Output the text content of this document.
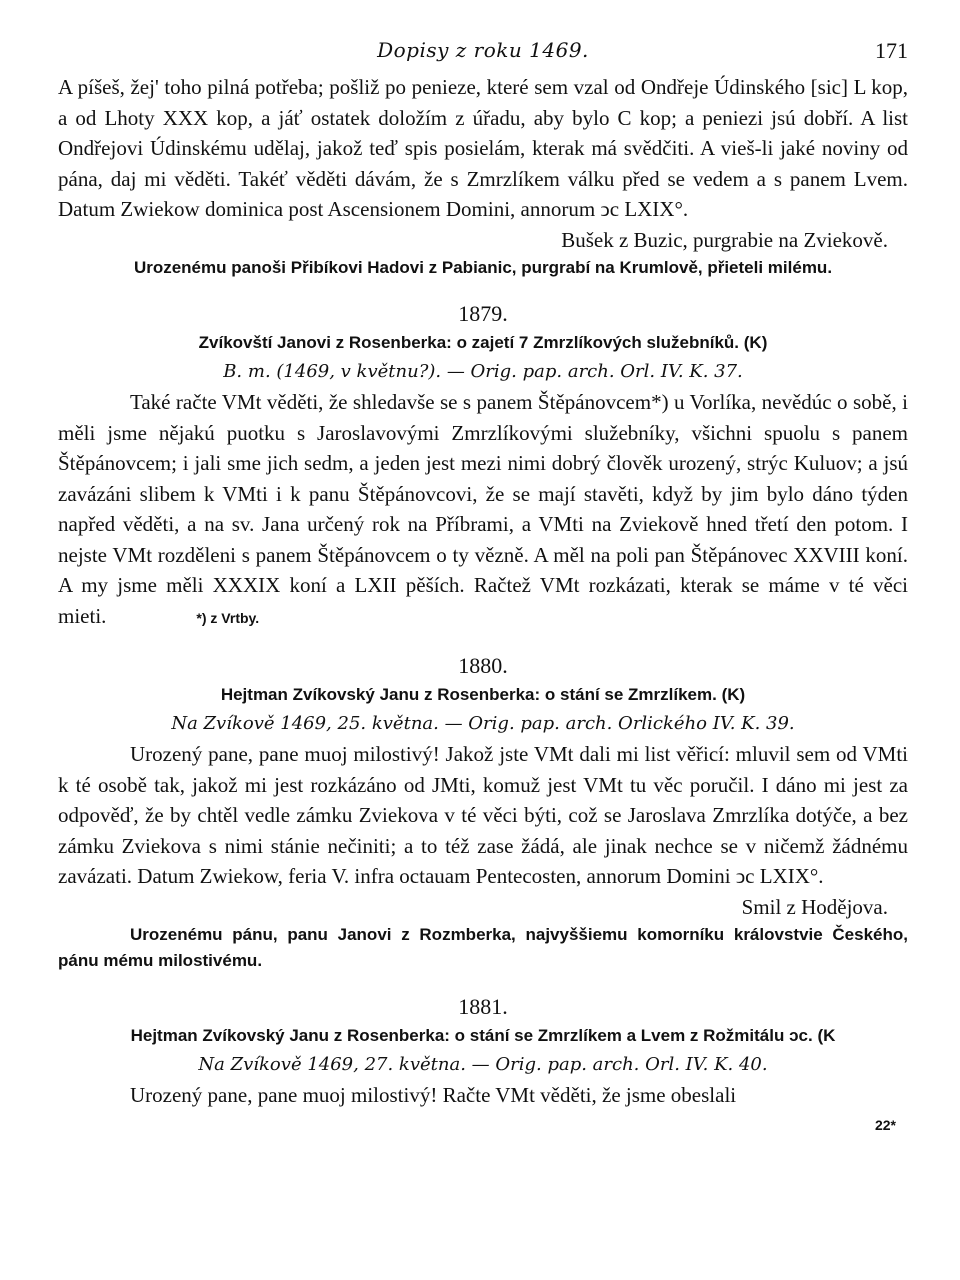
Dopisy z roku 1469.	171

A píšeš, žej' toho pilná potřeba; pošliž po penieze, které sem vzal od Ondřeje Údinského [sic] L kop, a od Lhoty XXX kop, a jáť ostatek doložím z úřadu, aby bylo C kop; a peniezi jsú dobří. A list Ondřejovi Údinskému udělaj, jakož teď spis posielám, kterak má svědčiti. A vieš-li jaké noviny od pána, daj mi věděti. Takéť věděti dávám, že s Zmrzlíkem válku před se vedem a s panem Lvem. Datum Zwiekow dominica post Ascensionem Domini, annorum ↄc LXIX°.

Bušek z Buzic, purgrabie na Zviekově.

Urozenému panoši Přibíkovi Hadovi z Pabianic, purgrabí na Krumlově, přieteli milému.

1879.
Zvíkovští Janovi z Rosenberka: o zajetí 7 Zmrzlíkových služebníků. (K)
B. m. (1469, v květnu?). — Orig. pap. arch. Orl. IV. K. 37.

Také račte VMt věděti, že shledavše se s panem Štěpánovcem*) u Vorlíka, nevědúc o sobě, i měli jsme nějakú puotku s Jaroslavovými Zmrzlíkovými služebníky, všichni spuolu s panem Štěpánovcem; i jali sme jich sedm, a jeden jest mezi nimi dobrý člověk urozený, strýc Kuluov; a jsú zavázáni slibem k VMti i k panu Štěpánovcovi, že se mají stavěti, když by jim bylo dáno týden napřed věděti, a na sv. Jana určený rok na Příbrami, a VMti na Zviekově hned třetí den potom. I nejste VMt rozděleni s panem Štěpánovcem o ty vězně. A měl na poli pan Štěpánovec XXVIII koní. A my jsme měli XXXIX koní a LXII pěších. Račtež VMt rozkázati, kterak se máme v té věci mieti.	*) z Vrtby.

1880.
Hejtman Zvíkovský Janu z Rosenberka: o stání se Zmrzlíkem. (K)
Na Zvíkově 1469, 25. května. — Orig. pap. arch. Orlického IV. K. 39.

Urozený pane, pane muoj milostivý! Jakož jste VMt dali mi list věřicí: mluvil sem od VMti k té osobě tak, jakož mi jest rozkázáno od JMti, komuž jest VMt tu věc poručil. I dáno mi jest za odpověď, že by chtěl vedle zámku Zviekova v té věci býti, což se Jaroslava Zmrzlíka dotýče, a bez zámku Zviekova s nimi stánie nečiniti; a to též zase žádá, ale jinak nechce se v ničemž žádnému zavázati. Datum Zwiekow, feria V. infra octauam Pentecosten, annorum Domini ↄc LXIX°.

Smil z Hodějova.

Urozenému pánu, panu Janovi z Rozmberka, najvyššiemu komorníku královstvie Českého, pánu mému milostivému.

1881.
Hejtman Zvíkovský Janu z Rosenberka: o stání se Zmrzlíkem a Lvem z Rožmitálu ↄc. (K
Na Zvíkově 1469, 27. května. — Orig. pap. arch. Orl. IV. K. 40.

Urozený pane, pane muoj milostivý! Račte VMt věděti, že jsme obeslali

22*
